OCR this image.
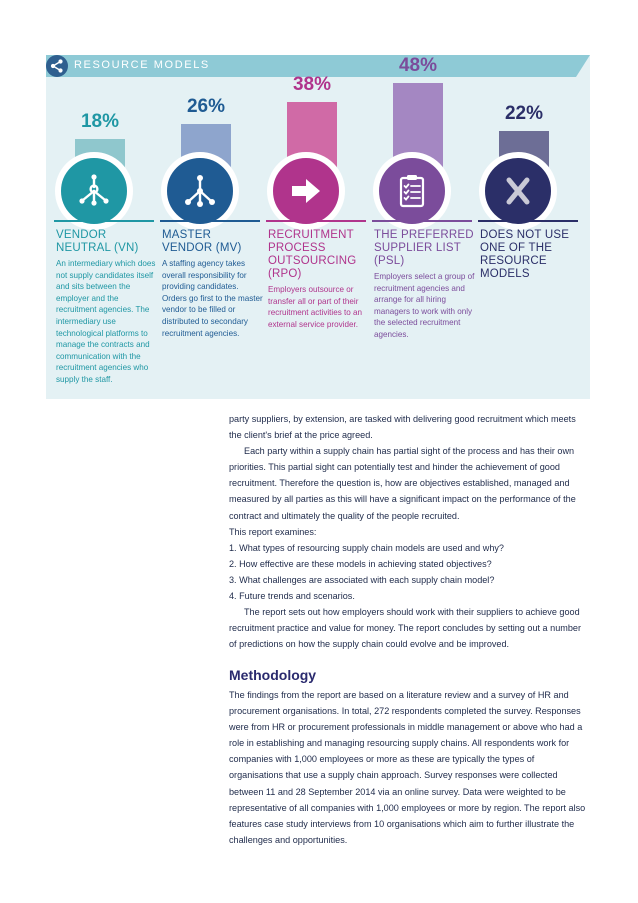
RESOURCE MODELS
18%
VENDOR NEUTRAL (VN)
An intermediary which does not supply candidates itself and sits between the employer and the recruitment agencies. The intermediary use technological platforms to manage the contracts and communication with the recruitment agencies who supply the staff.
26%
MASTER VENDOR (MV)
A staffing agency takes overall responsibility for providing candidates. Orders go first to the master vendor to be filled or distributed to secondary recruitment agencies.
38%
RECRUITMENT PROCESS OUTSOURCING (RPO)
Employers outsource or transfer all or part of their recruitment activities to an external service provider.
48%
THE PREFERRED SUPPLIER LIST (PSL)
Employers select a group of recruitment agencies and arrange for all hiring managers to work with only the selected recruitment agencies.
22%
DOES NOT USE ONE OF THE RESOURCE MODELS

party suppliers, by extension, are tasked with delivering good recruitment which meets the client's brief at the price agreed.

Each party within a supply chain has partial sight of the process and has their own priorities. This partial sight can potentially test and hinder the achievement of good recruitment. Therefore the question is, how are objectives established, managed and measured by all parties as this will have a significant impact on the performance of the contract and ultimately the quality of the people recruited.

This report examines:

1. What types of resourcing supply chain models are used and why?

2. How effective are these models in achieving stated objectives?

3. What challenges are associated with each supply chain model?

4. Future trends and scenarios.

The report sets out how employers should work with their suppliers to achieve good recruitment practice and value for money. The report concludes by setting out a number of predictions on how the supply chain could evolve and be improved.

Methodology

The findings from the report are based on a literature review and a survey of HR and procurement organisations. In total, 272 respondents completed the survey. Responses were from HR or procurement professionals in middle management or above who had a role in establishing and managing resourcing supply chains. All respondents work for companies with 1,000 employees or more as these are typically the types of organisations that use a supply chain approach. Survey responses were collected between 11 and 28 September 2014 via an online survey. Data were weighted to be representative of all companies with 1,000 employees or more by region. The report also features case study interviews from 10 organisations which aim to further illustrate the challenges and opportunities.
